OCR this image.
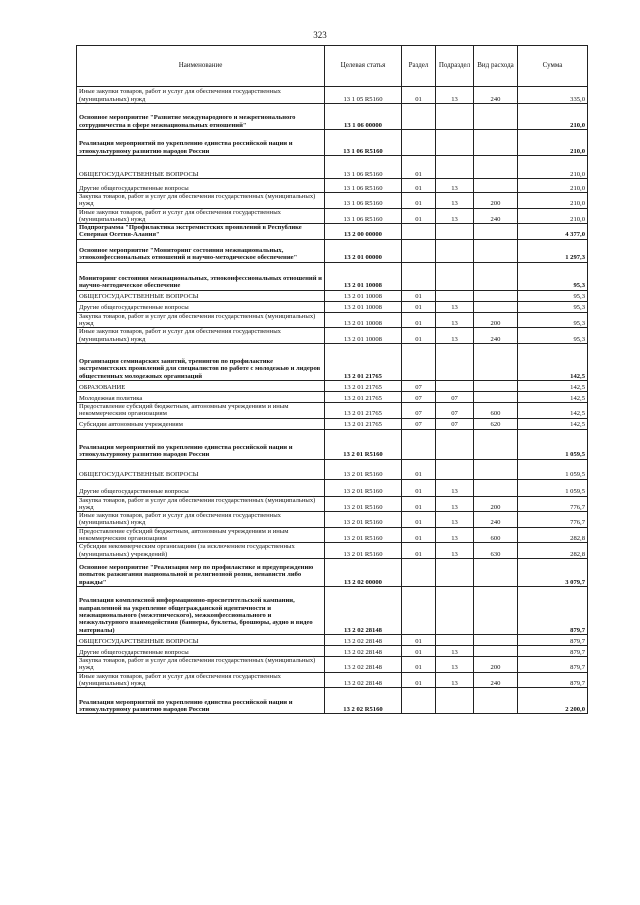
323
Наименование	Целевая статья	Раздел	Подраздел	Вид расхода	Сумма
Иные закупки товаров, работ и услуг для обеспечения государственных (муниципальных) нужд	13 1 05 R5160	01	13	240	335,0
Основное мероприятие "Развитие международного и межрегионального сотрудничества в сфере межнациональных отношений"	13 1 06 00000				210,0
Реализация мероприятий по укреплению единства российской нации и этнокультурному развитию народов России	13 1 06 R5160				210,0
ОБЩЕГОСУДАРСТВЕННЫЕ ВОПРОСЫ	13 1 06 R5160	01			210,0
Другие общегосударственные вопросы	13 1 06 R5160	01	13		210,0
Закупка товаров, работ и услуг для обеспечения государственных (муниципальных) нужд	13 1 06 R5160	01	13	200	210,0
Иные закупки товаров, работ и услуг для обеспечения государственных (муниципальных) нужд	13 1 06 R5160	01	13	240	210,0
Подпрограмма "Профилактика экстремистских проявлений в Республике Северная Осетия-Алания"	13 2 00 00000				4 377,0
Основное мероприятие "Мониторинг состояния межнациональных, этноконфессиональных отношений и научно-методическое обеспечение"	13 2 01 00000				1 297,3
Мониторинг состояния межнациональных, этноконфессиональных отношений и научно-методическое обеспечение	13 2 01 10008				95,3
ОБЩЕГОСУДАРСТВЕННЫЕ ВОПРОСЫ	13 2 01 10008	01			95,3
Другие общегосударственные вопросы	13 2 01 10008	01	13		95,3
Закупка товаров, работ и услуг для обеспечения государственных (муниципальных) нужд	13 2 01 10008	01	13	200	95,3
Иные закупки товаров, работ и услуг для обеспечения государственных (муниципальных) нужд	13 2 01 10008	01	13	240	95,3
Организация семинарских занятий, тренингов по профилактике экстремистских проявлений для специалистов по работе с молодежью и лидеров общественных молодежных организаций	13 2 01 21765				142,5
ОБРАЗОВАНИЕ	13 2 01 21765	07			142,5
Молодежная политика	13 2 01 21765	07	07		142,5
Предоставление субсидий бюджетным, автономным учреждениям и иным некоммерческим организациям	13 2 01 21765	07	07	600	142,5
Субсидии автономным учреждениям	13 2 01 21765	07	07	620	142,5
Реализация мероприятий по укреплению единства российской нации и этнокультурному развитию народов России	13 2 01 R5160				1 059,5
ОБЩЕГОСУДАРСТВЕННЫЕ ВОПРОСЫ	13 2 01 R5160	01			1 059,5
Другие общегосударственные вопросы	13 2 01 R5160	01	13		1 059,5
Закупка товаров, работ и услуг для обеспечения государственных (муниципальных) нужд	13 2 01 R5160	01	13	200	776,7
Иные закупки товаров, работ и услуг для обеспечения государственных (муниципальных) нужд	13 2 01 R5160	01	13	240	776,7
Предоставление субсидий бюджетным, автономным учреждениям и иным некоммерческим организациям	13 2 01 R5160	01	13	600	282,8
Субсидии некоммерческим организациям (за исключением государственных (муниципальных) учреждений)	13 2 01 R5160	01	13	630	282,8
Основное мероприятие "Реализация мер по профилактике и предупреждению попыток разжигания национальной и религиозной розни, ненависти либо вражды"	13 2 02 00000				3 079,7
Реализация комплексной информационно-просветительской кампании, направленной на укрепление общегражданской идентичности и межнационального (межэтнического), межконфессионального и межкультурного взаимодействия (баннеры, буклеты, брошюры, аудио и видео материалы)	13 2 02 28148				879,7
ОБЩЕГОСУДАРСТВЕННЫЕ ВОПРОСЫ	13 2 02 28148	01			879,7
Другие общегосударственные вопросы	13 2 02 28148	01	13		879,7
Закупка товаров, работ и услуг для обеспечения государственных (муниципальных) нужд	13 2 02 28148	01	13	200	879,7
Иные закупки товаров, работ и услуг для обеспечения государственных (муниципальных) нужд	13 2 02 28148	01	13	240	879,7
Реализация мероприятий по укреплению единства российской нации и этнокультурному развитию народов России	13 2 02 R5160				2 200,0
